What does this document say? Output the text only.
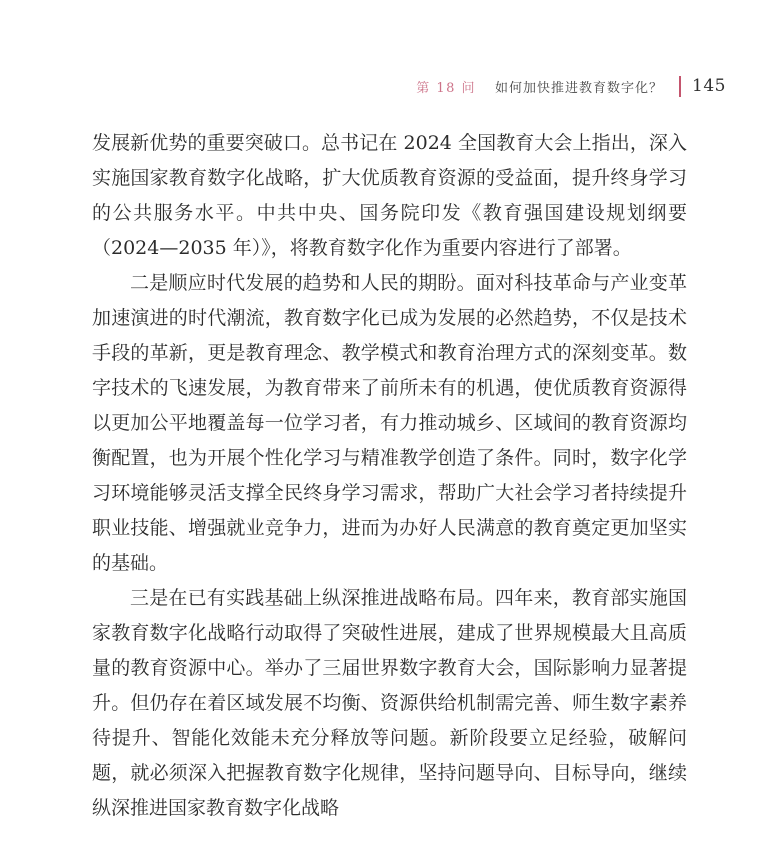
第 18 问 如何加快推进教育数字化？ 145

发展新优势的重要突破口。总书记在 2024 全国教育大会上指出，深入实施国家教育数字化战略，扩大优质教育资源的受益面，提升终身学习的公共服务水平。中共中央、国务院印发《教育强国建设规划纲要（2024—2035 年）》，将教育数字化作为重要内容进行了部署。

二是顺应时代发展的趋势和人民的期盼。面对科技革命与产业变革加速演进的时代潮流，教育数字化已成为发展的必然趋势，不仅是技术手段的革新，更是教育理念、教学模式和教育治理方式的深刻变革。数字技术的飞速发展，为教育带来了前所未有的机遇，使优质教育资源得以更加公平地覆盖每一位学习者，有力推动城乡、区域间的教育资源均衡配置，也为开展个性化学习与精准教学创造了条件。同时，数字化学习环境能够灵活支撑全民终身学习需求，帮助广大社会学习者持续提升职业技能、增强就业竞争力，进而为办好人民满意的教育奠定更加坚实的基础。

三是在已有实践基础上纵深推进战略布局。四年来，教育部实施国家教育数字化战略行动取得了突破性进展，建成了世界规模最大且高质量的教育资源中心。举办了三届世界数字教育大会，国际影响力显著提升。但仍存在着区域发展不均衡、资源供给机制需完善、师生数字素养待提升、智能化效能未充分释放等问题。新阶段要立足经验，破解问题，就必须深入把握教育数字化规律，坚持问题导向、目标导向，继续纵深推进国家教育数字化战略
